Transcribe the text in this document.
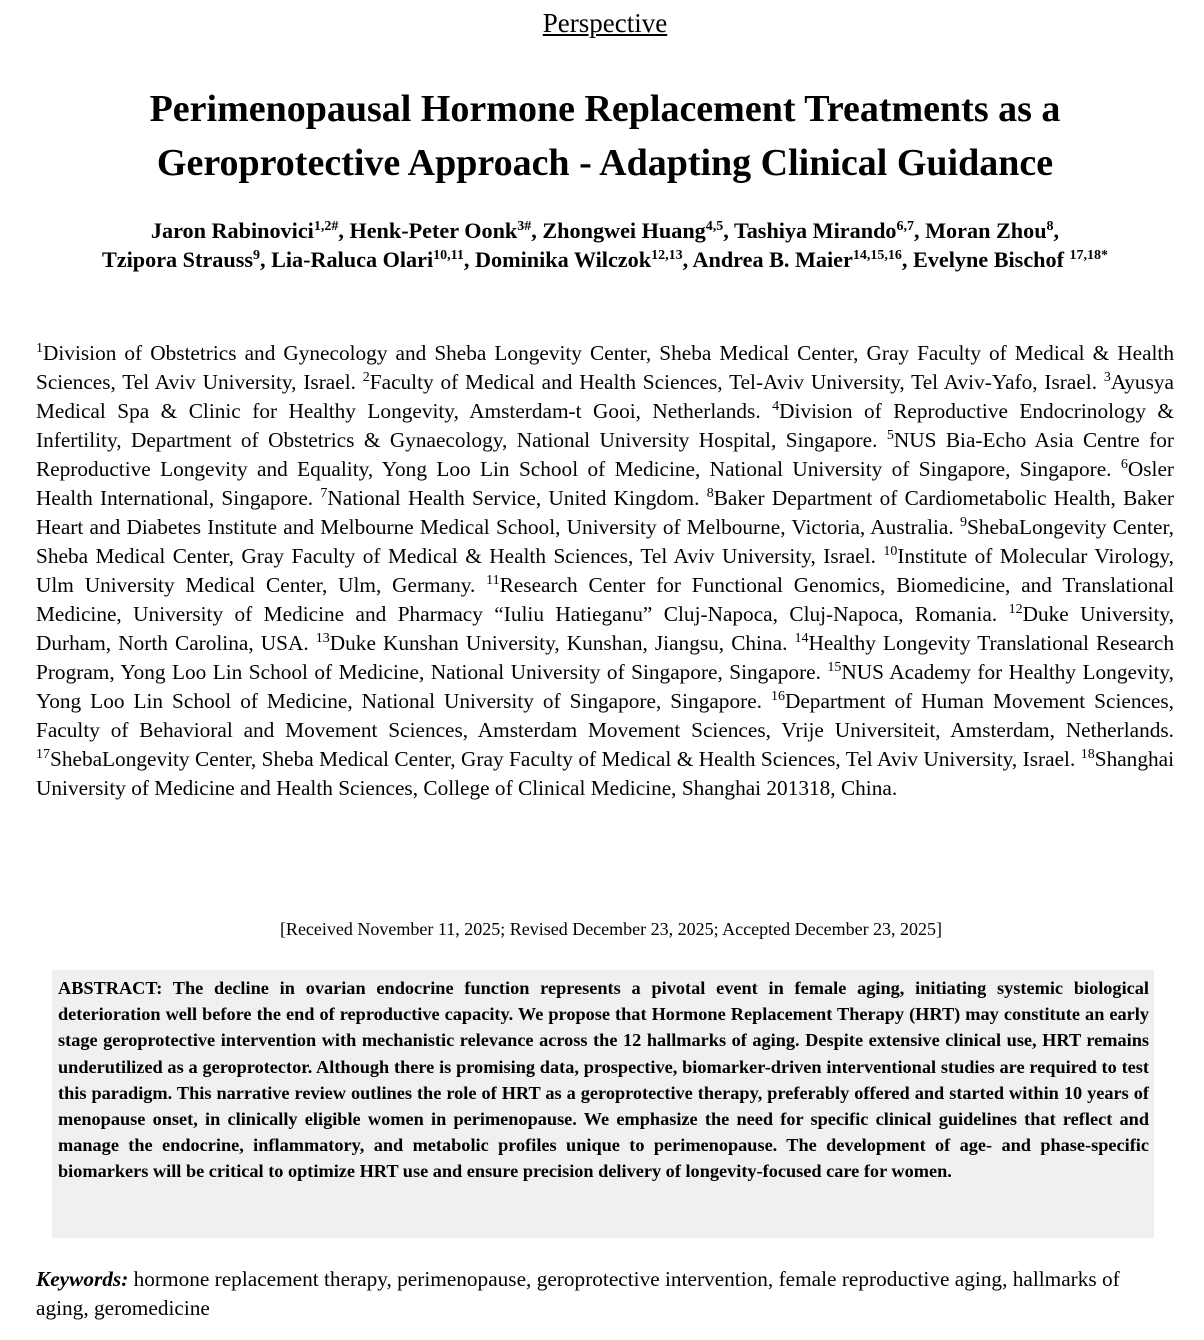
Perspective
Perimenopausal Hormone Replacement Treatments as a Geroprotective Approach - Adapting Clinical Guidance
Jaron Rabinovici$^{1,2\#}$, Henk-Peter Oonk$^{3\#}$, Zhongwei Huang$^{4,5}$, Tashiya Mirando$^{6,7}$, Moran Zhou$^8$,
Tzipora Strauss$^9$, Lia-Raluca Olari$^{10,11}$, Dominika Wilczok$^{12,13}$, Andrea B. Maier$^{14,15,16}$, Evelyne Bischof $^{17,18*}$
$^1$Division of Obstetrics and Gynecology and Sheba Longevity Center, Sheba Medical Center, Gray Faculty of Medical & Health Sciences, Tel Aviv University, Israel. $^2$Faculty of Medical and Health Sciences, Tel-Aviv University, Tel Aviv-Yafo, Israel. $^3$Ayusya Medical Spa & Clinic for Healthy Longevity, Amsterdam-t Gooi, Netherlands. $^4$Division of Reproductive Endocrinology & Infertility, Department of Obstetrics & Gynaecology, National University Hospital, Singapore. $^5$NUS Bia-Echo Asia Centre for Reproductive Longevity and Equality, Yong Loo Lin School of Medicine, National University of Singapore, Singapore. $^6$Osler Health International, Singapore. $^7$National Health Service, United Kingdom. $^8$Baker Department of Cardiometabolic Health, Baker Heart and Diabetes Institute and Melbourne Medical School, University of Melbourne, Victoria, Australia. $^9$ShebaLongevity Center, Sheba Medical Center, Gray Faculty of Medical & Health Sciences, Tel Aviv University, Israel. $^{10}$Institute of Molecular Virology, Ulm University Medical Center, Ulm, Germany. $^{11}$Research Center for Functional Genomics, Biomedicine, and Translational Medicine, University of Medicine and Pharmacy “Iuliu Hatieganu” Cluj-Napoca, Cluj-Napoca, Romania. $^{12}$Duke University, Durham, North Carolina, USA. $^{13}$Duke Kunshan University, Kunshan, Jiangsu, China. $^{14}$Healthy Longevity Translational Research Program, Yong Loo Lin School of Medicine, National University of Singapore, Singapore. $^{15}$NUS Academy for Healthy Longevity, Yong Loo Lin School of Medicine, National University of Singapore, Singapore. $^{16}$Department of Human Movement Sciences, Faculty of Behavioral and Movement Sciences, Amsterdam Movement Sciences, Vrije Universiteit, Amsterdam, Netherlands.$^{17}$ShebaLongevity Center, Sheba Medical Center, Gray Faculty of Medical & Health Sciences, Tel Aviv University, Israel. $^{18}$Shanghai University of Medicine and Health Sciences, College of Clinical Medicine, Shanghai 201318, China.
[Received November 11, 2025; Revised December 23, 2025; Accepted December 23, 2025]

ABSTRACT: The decline in ovarian endocrine function represents a pivotal event in female aging, initiating systemic biological deterioration well before the end of reproductive capacity. We propose that Hormone Replacement Therapy (HRT) may constitute an early stage geroprotective intervention with mechanistic relevance across the 12 hallmarks of aging. Despite extensive clinical use, HRT remains underutilized as a geroprotector. Although there is promising data, prospective, biomarker-driven interventional studies are required to test this paradigm. This narrative review outlines the role of HRT as a geroprotective therapy, preferably offered and started within 10 years of menopause onset, in clinically eligible women in perimenopause. We emphasize the need for specific clinical guidelines that reflect and manage the endocrine, inflammatory, and metabolic profiles unique to perimenopause. The development of age- and phase-specific biomarkers will be critical to optimize HRT use and ensure precision delivery of longevity-focused care for women.

Keywords: hormone replacement therapy, perimenopause, geroprotective intervention, female reproductive aging, hallmarks of aging, geromedicine
